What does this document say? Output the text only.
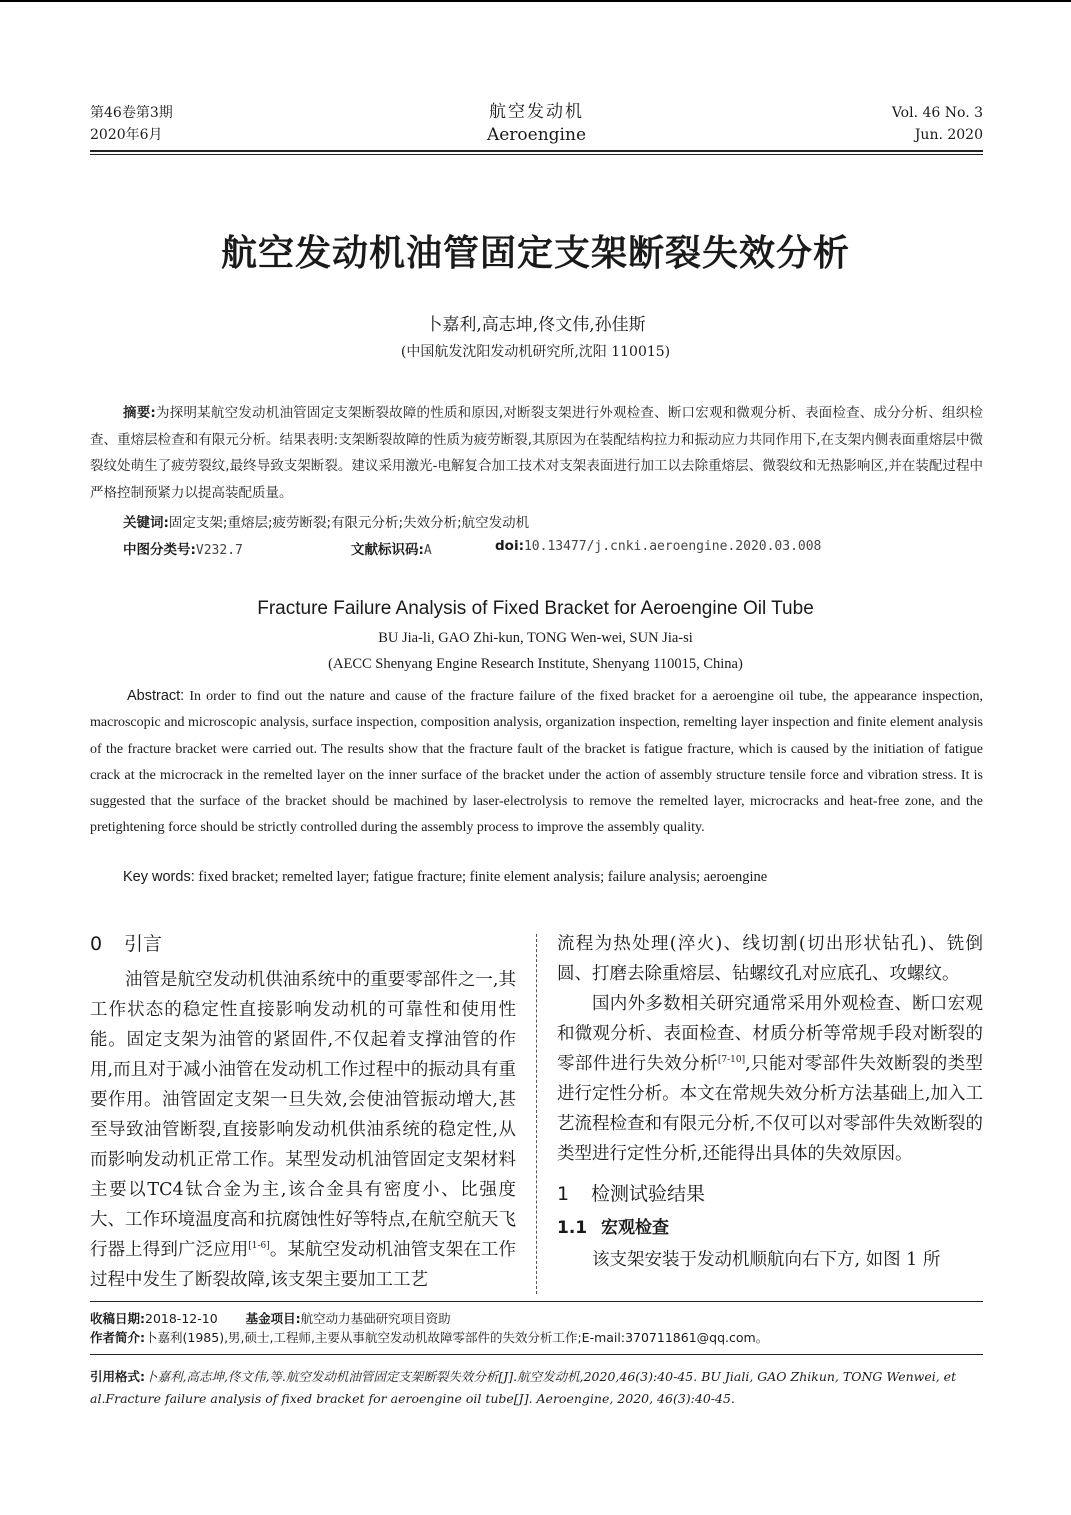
第46卷第3期
2020年6月
航空发动机
Aeroengine
Vol. 46 No. 3
Jun. 2020
航空发动机油管固定支架断裂失效分析
卜嘉利,高志坤,佟文伟,孙佳斯
(中国航发沈阳发动机研究所,沈阳 110015)
摘要:为探明某航空发动机油管固定支架断裂故障的性质和原因,对断裂支架进行外观检查、断口宏观和微观分析、表面检查、成分分析、组织检查、重熔层检查和有限元分析。结果表明:支架断裂故障的性质为疲劳断裂,其原因为在装配结构拉力和振动应力共同作用下,在支架内侧表面重熔层中微裂纹处萌生了疲劳裂纹,最终导致支架断裂。建议采用激光-电解复合加工技术对支架表面进行加工以去除重熔层、微裂纹和无热影响区,并在装配过程中严格控制预紧力以提高装配质量。
关键词:固定支架;重熔层;疲劳断裂;有限元分析;失效分析;航空发动机
中图分类号:V232.7	文献标识码:A	doi:10.13477/j.cnki.aeroengine.2020.03.008
Fracture Failure Analysis of Fixed Bracket for Aeroengine Oil Tube
BU Jia-li, GAO Zhi-kun, TONG Wen-wei, SUN Jia-si
(AECC Shenyang Engine Research Institute, Shenyang 110015, China)
Abstract: In order to find out the nature and cause of the fracture failure of the fixed bracket for a aeroengine oil tube, the appearance inspection, macroscopic and microscopic analysis, surface inspection, composition analysis, organization inspection, remelting layer inspection and finite element analysis of the fracture bracket were carried out. The results show that the fracture fault of the bracket is fatigue fracture, which is caused by the initiation of fatigue crack at the microcrack in the remelted layer on the inner surface of the bracket under the action of assembly structure tensile force and vibration stress. It is suggested that the surface of the bracket should be machined by laser-electrolysis to remove the remelted layer, microcracks and heat-free zone, and the pretightening force should be strictly controlled during the assembly process to improve the assembly quality.
Key words: fixed bracket; remelted layer; fatigue fracture; finite element analysis; failure analysis; aeroengine
0 引言

油管是航空发动机供油系统中的重要零部件之一,其工作状态的稳定性直接影响发动机的可靠性和使用性能。固定支架为油管的紧固件,不仅起着支撑油管的作用,而且对于减小油管在发动机工作过程中的振动具有重要作用。油管固定支架一旦失效,会使油管振动增大,甚至导致油管断裂,直接影响发动机供油系统的稳定性,从而影响发动机正常工作。某型发动机油管固定支架材料主要以TC4钛合金为主,该合金具有密度小、比强度大、工作环境温度高和抗腐蚀性好等特点,在航空航天飞行器上得到广泛应用[1-6]。某航空发动机油管支架在工作过程中发生了断裂故障,该支架主要加工工艺

流程为热处理(淬火)、线切割(切出形状钻孔)、铣倒圆、打磨去除重熔层、钻螺纹孔对应底孔、攻螺纹。

国内外多数相关研究通常采用外观检查、断口宏观和微观分析、表面检查、材质分析等常规手段对断裂的零部件进行失效分析[7-10],只能对零部件失效断裂的类型进行定性分析。本文在常规失效分析方法基础上,加入工艺流程检查和有限元分析,不仅可以对零部件失效断裂的类型进行定性分析,还能得出具体的失效原因。

1 检测试验结果
1.1 宏观检查

该支架安装于发动机顺航向右下方, 如图 1 所

收稿日期:2018-12-10 基金项目:航空动力基础研究项目资助
作者简介:卜嘉利(1985),男,硕士,工程师,主要从事航空发动机故障零部件的失效分析工作;E-mail:370711861@qq.com。
引用格式:卜嘉利,高志坤,佟文伟,等.航空发动机油管固定支架断裂失效分析[J].航空发动机,2020,46(3):40-45. BU Jiali, GAO Zhikun, TONG Wenwei, et al.Fracture failure analysis of fixed bracket for aeroengine oil tube[J]. Aeroengine, 2020, 46(3):40-45.
